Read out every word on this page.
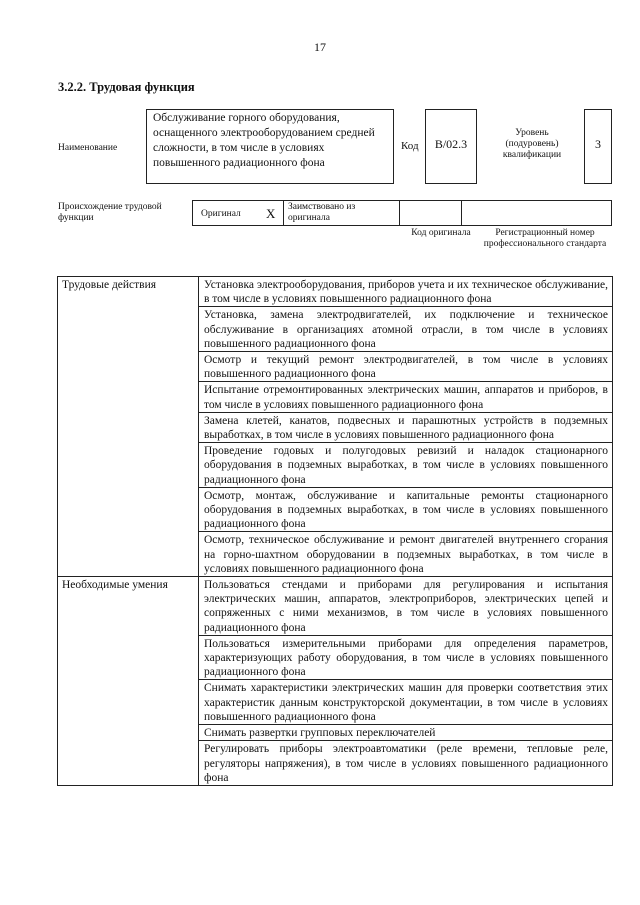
17
3.2.2. Трудовая функция
Наименование
Обслуживание горного оборудования, оснащенного электрооборудованием средней сложности, в том числе в условиях повышенного радиационного фона
Код	B/02.3
Уровень (подуровень) квалификации
3
Происхождение трудовой функции	Оригинал X Заимствовано из оригинала
Код оригинала	Регистрационный номер профессионального стандарта
Трудовые действия	Установка электрооборудования, приборов учета и их техническое обслуживание, в том числе в условиях повышенного радиационного фона
	Установка, замена электродвигателей, их подключение и техническое обслуживание в организациях атомной отрасли, в том числе в условиях повышенного радиационного фона
	Осмотр и текущий ремонт электродвигателей, в том числе в условиях повышенного радиационного фона
	Испытание отремонтированных электрических машин, аппаратов и приборов, в том числе в условиях повышенного радиационного фона
	Замена клетей, канатов, подвесных и парашютных устройств в подземных выработках, в том числе в условиях повышенного радиационного фона
	Проведение годовых и полугодовых ревизий и наладок стационарного оборудования в подземных выработках, в том числе в условиях повышенного радиационного фона
	Осмотр, монтаж, обслуживание и капитальные ремонты стационарного оборудования в подземных выработках, в том числе в условиях повышенного радиационного фона
	Осмотр, техническое обслуживание и ремонт двигателей внутреннего сгорания на горно-шахтном оборудовании в подземных выработках, в том числе в условиях повышенного радиационного фона
Необходимые умения	Пользоваться стендами и приборами для регулирования и испытания электрических машин, аппаратов, электроприборов, электрических цепей и сопряженных с ними механизмов, в том числе в условиях повышенного радиационного фона
	Пользоваться измерительными приборами для определения параметров, характеризующих работу оборудования, в том числе в условиях повышенного радиационного фона
	Снимать характеристики электрических машин для проверки соответствия этих характеристик данным конструкторской документации, в том числе в условиях повышенного радиационного фона
	Снимать развертки групповых переключателей
	Регулировать приборы электроавтоматики (реле времени, тепловые реле, регуляторы напряжения), в том числе в условиях повышенного радиационного фона
